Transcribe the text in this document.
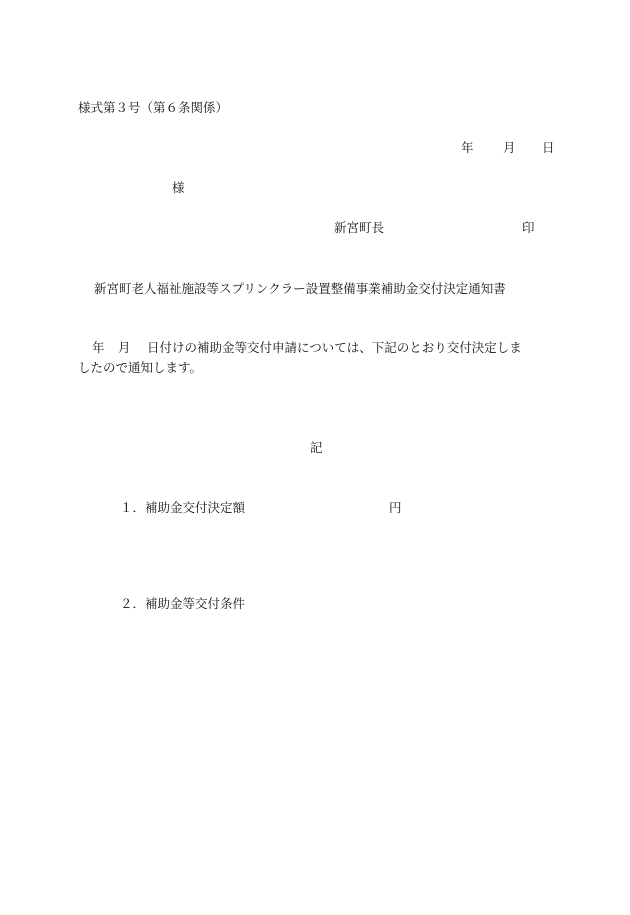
様式第３号（第６条関係）
年 月 日
様
新宮町長	印
新宮町老人福祉施設等スプリンクラー設置整備事業補助金交付決定通知書
年 月 日付けの補助金等交付申請については、下記のとおり交付決定しま
したので通知します。
記
１．補助金交付決定額	円
２．補助金等交付条件
